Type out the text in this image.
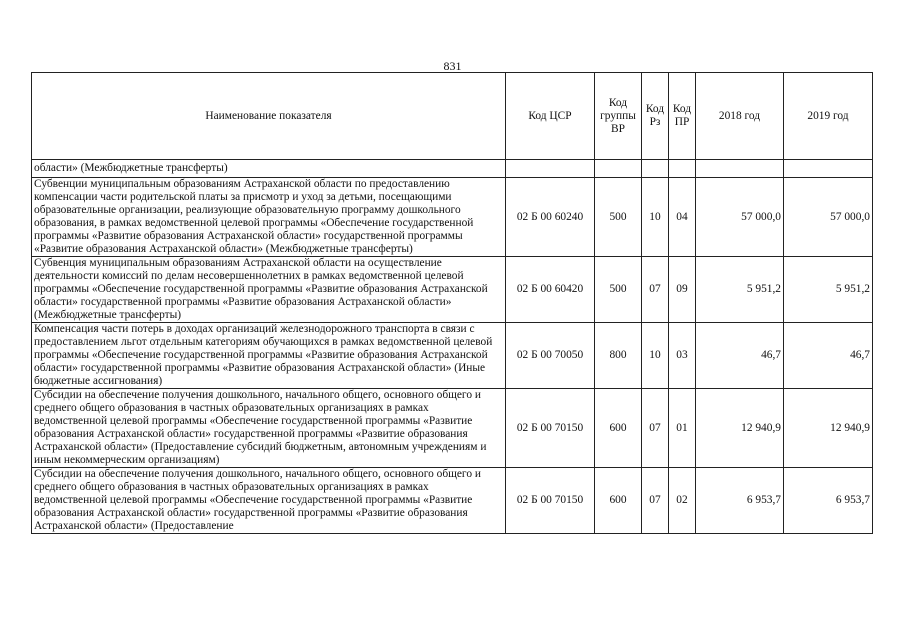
831
Наименование показателя	Код ЦСР	Код группы ВР	Код Рз	Код ПР	2018 год	2019 год
области» (Межбюджетные трансферты)						
Субвенции муниципальным образованиям Астраханской области по предоставлению компенсации части родительской платы за присмотр и уход за детьми, посещающими образовательные организации, реализующие образовательную программу дошкольного образования, в рамках ведомственной целевой программы «Обеспечение государственной программы «Развитие образования Астраханской области» государственной программы «Развитие образования Астраханской области» (Межбюджетные трансферты)	02 Б 00 60240	500	10	04	57 000,0	57 000,0
Субвенция муниципальным образованиям Астраханской области на осуществление деятельности комиссий по делам несовершеннолетних в рамках ведомственной целевой программы «Обеспечение государственной программы «Развитие образования Астраханской области» государственной программы «Развитие образования Астраханской области» (Межбюджетные трансферты)	02 Б 00 60420	500	07	09	5 951,2	5 951,2
Компенсация части потерь в доходах организаций железнодорожного транспорта в связи с предоставлением льгот отдельным категориям обучающихся в рамках ведомственной целевой программы «Обеспечение государственной программы «Развитие образования Астраханской области» государственной программы «Развитие образования Астраханской области» (Иные бюджетные ассигнования)	02 Б 00 70050	800	10	03	46,7	46,7
Субсидии на обеспечение получения дошкольного, начального общего, основного общего и среднего общего образования в частных образовательных организациях в рамках ведомственной целевой программы «Обеспечение государственной программы «Развитие образования Астраханской области» государственной программы «Развитие образования Астраханской области» (Предоставление субсидий бюджетным, автономным учреждениям и иным некоммерческим организациям)	02 Б 00 70150	600	07	01	12 940,9	12 940,9
Субсидии на обеспечение получения дошкольного, начального общего, основного общего и среднего общего образования в частных образовательных организациях в рамках ведомственной целевой программы «Обеспечение государственной программы «Развитие образования Астраханской области» государственной программы «Развитие образования Астраханской области» (Предоставление	02 Б 00 70150	600	07	02	6 953,7	6 953,7
